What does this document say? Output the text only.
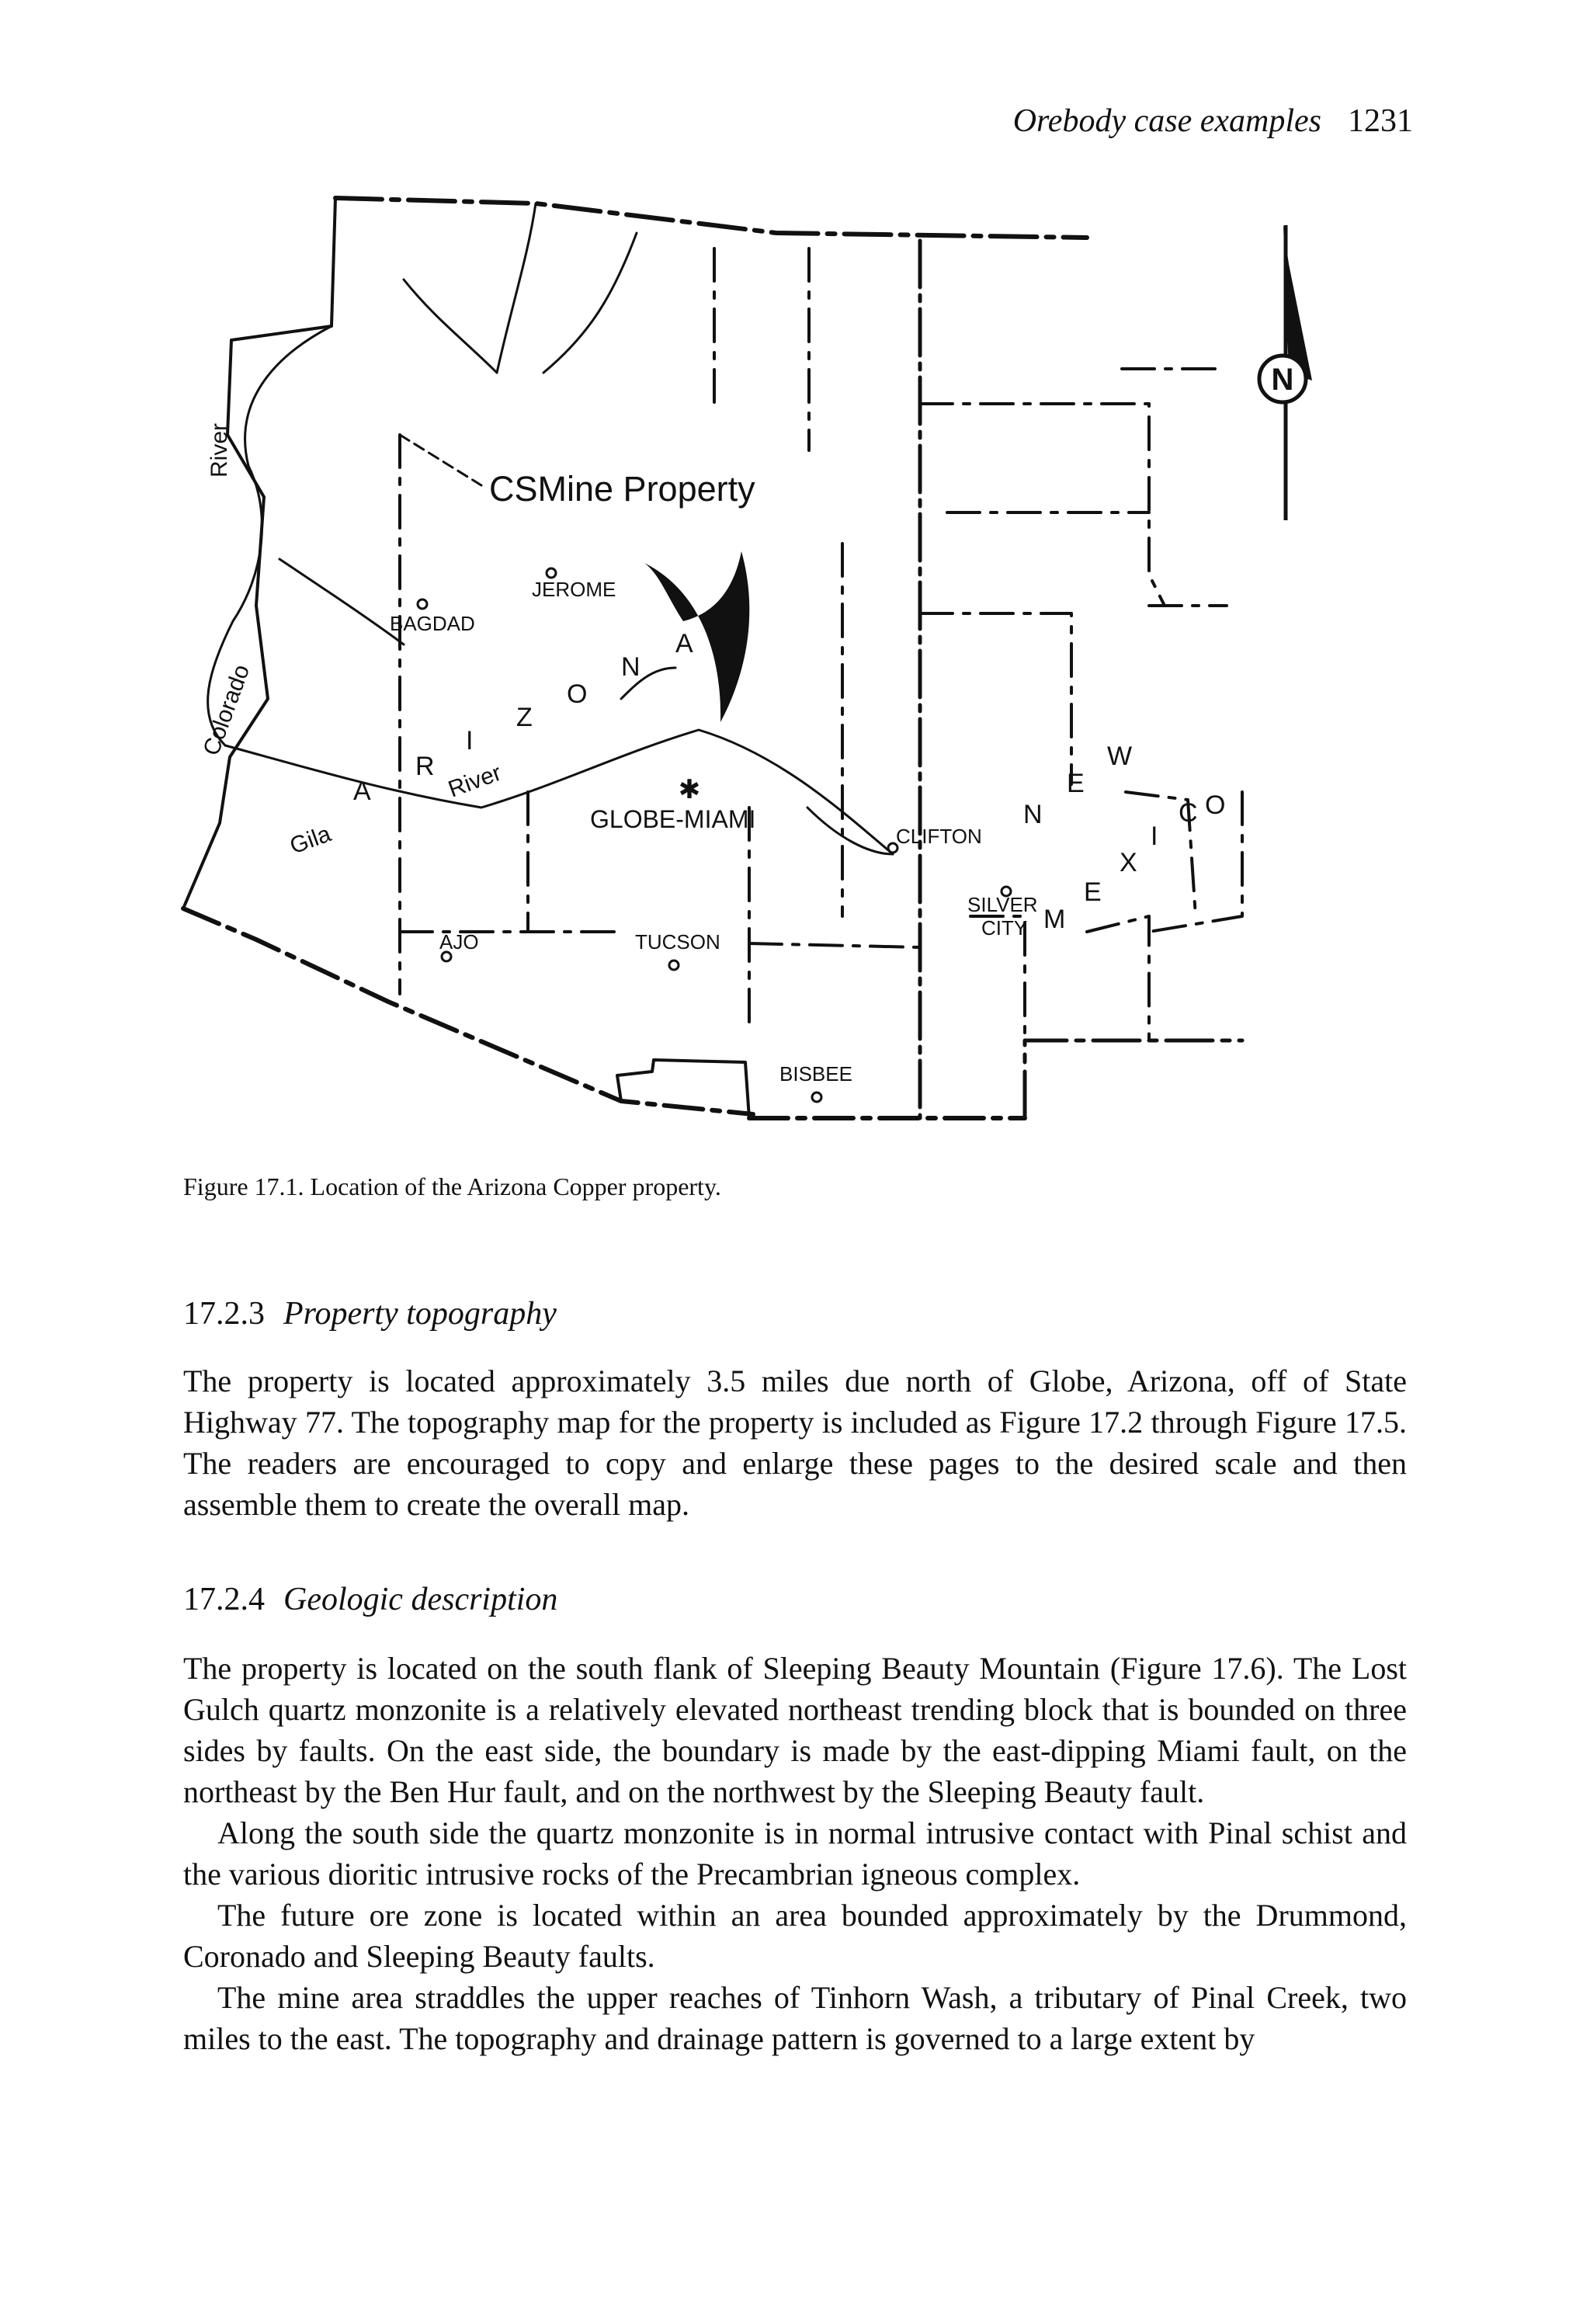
Orebody case examples 1231
N
✱
CSMine Property
JEROME
BAGDAD
GLOBE-MIAMI
CLIFTON
SILVER
CITY
AJO	TUCSON
BISBEE
A
R
I
Z
O
N
A
N
E
W
M
E
X
I
C O
River
Colorado
Gila
River
Figure 17.1. Location of the Arizona Copper property.
17.2.3 Property topography

The property is located approximately 3.5 miles due north of Globe, Arizona, off of State Highway 77. The topography map for the property is included as Figure 17.2 through Figure 17.5. The readers are encouraged to copy and enlarge these pages to the desired scale and then assemble them to create the overall map.

17.2.4 Geologic description

The property is located on the south flank of Sleeping Beauty Mountain (Figure 17.6). The Lost Gulch quartz monzonite is a relatively elevated northeast trending block that is bounded on three sides by faults. On the east side, the boundary is made by the east-dipping Miami fault, on the northeast by the Ben Hur fault, and on the northwest by the Sleeping Beauty fault.

Along the south side the quartz monzonite is in normal intrusive contact with Pinal schist and the various dioritic intrusive rocks of the Precambrian igneous complex.

The future ore zone is located within an area bounded approximately by the Drummond, Coronado and Sleeping Beauty faults.

The mine area straddles the upper reaches of Tinhorn Wash, a tributary of Pinal Creek, two miles to the east. The topography and drainage pattern is governed to a large extent by
